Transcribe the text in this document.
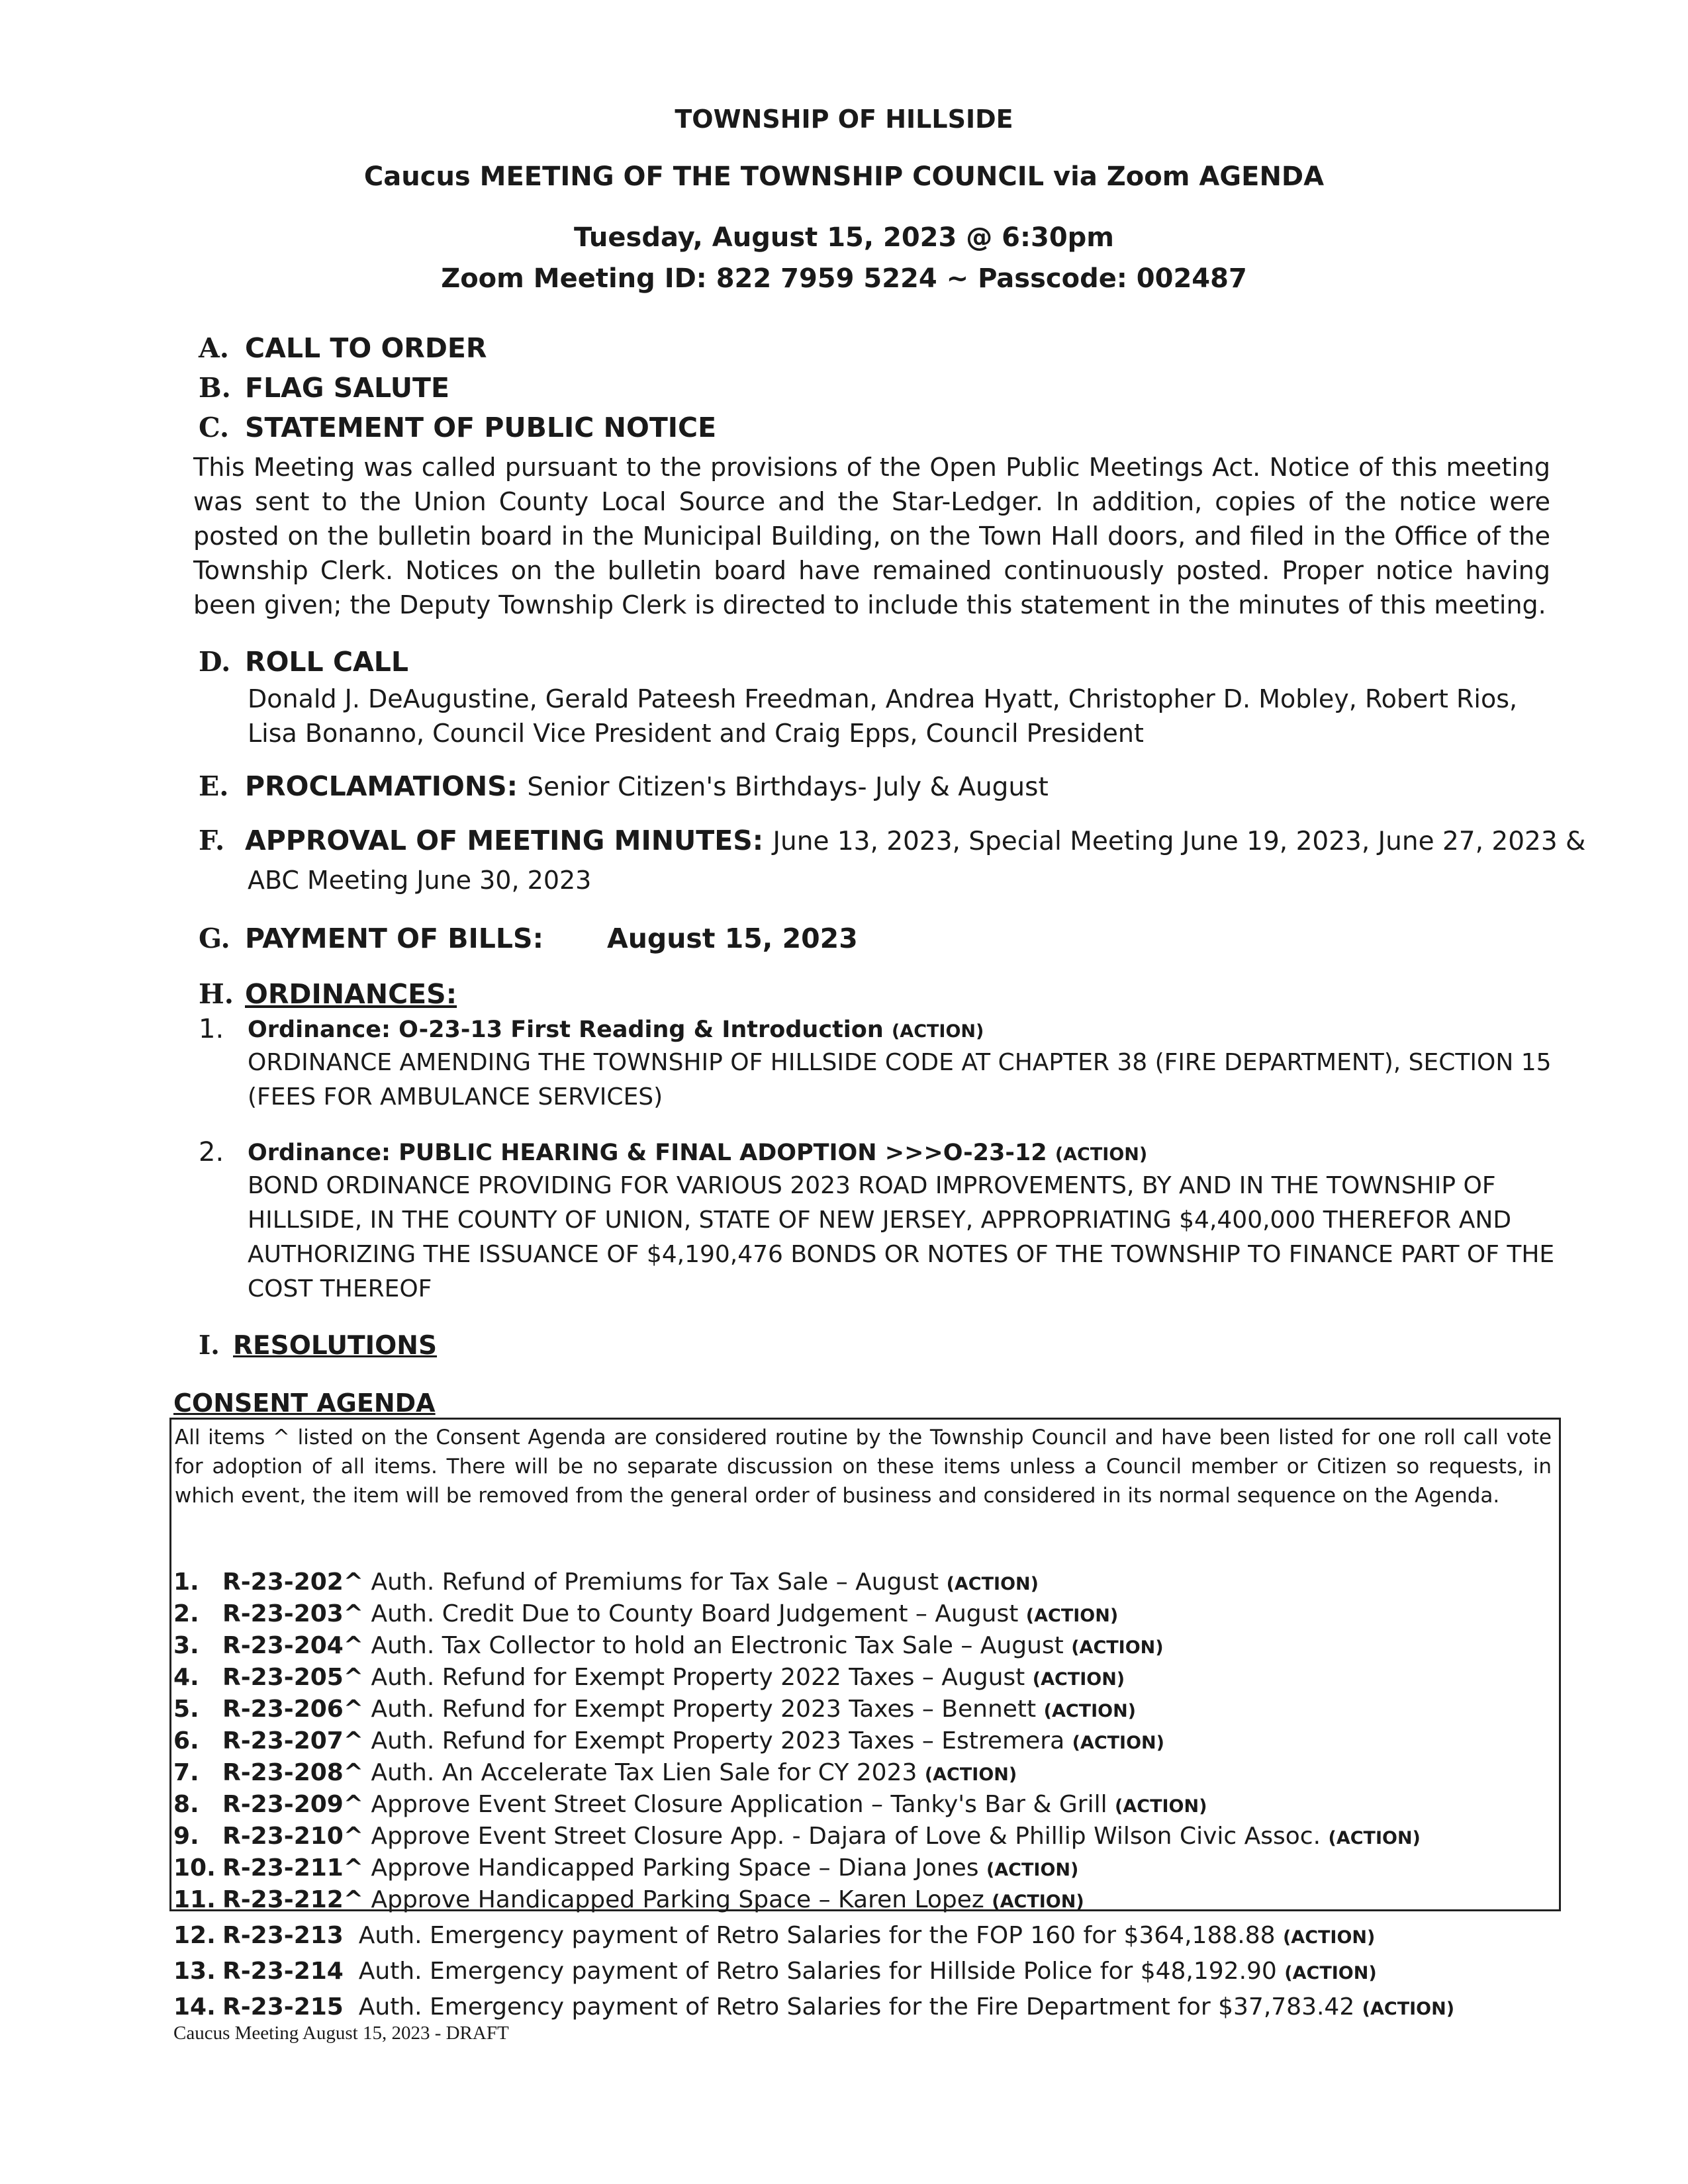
TOWNSHIP OF HILLSIDE
Caucus MEETING OF THE TOWNSHIP COUNCIL via Zoom AGENDA
Tuesday, August 15, 2023 @ 6:30pm
Zoom Meeting ID: 822 7959 5224 ~ Passcode: 002487
A. CALL TO ORDER
B. FLAG SALUTE
C. STATEMENT OF PUBLIC NOTICE
This Meeting was called pursuant to the provisions of the Open Public Meetings Act. Notice of this meeting was sent to the Union County Local Source and the Star-Ledger. In addition, copies of the notice were posted on the bulletin board in the Municipal Building, on the Town Hall doors, and filed in the Office of the Township Clerk. Notices on the bulletin board have remained continuously posted. Proper notice having been given; the Deputy Township Clerk is directed to include this statement in the minutes of this meeting.
D. ROLL CALL
Donald J. DeAugustine, Gerald Pateesh Freedman, Andrea Hyatt, Christopher D. Mobley, Robert Rios, Lisa Bonanno, Council Vice President and Craig Epps, Council President
E. PROCLAMATIONS: Senior Citizen's Birthdays- July & August
F. APPROVAL OF MEETING MINUTES: June 13, 2023, Special Meeting June 19, 2023, June 27, 2023 &
ABC Meeting June 30, 2023
G. PAYMENT OF BILLS: August 15, 2023
H. ORDINANCES:
1. Ordinance: O-23-13 First Reading & Introduction (ACTION)
ORDINANCE AMENDING THE TOWNSHIP OF HILLSIDE CODE AT CHAPTER 38 (FIRE DEPARTMENT), SECTION 15 (FEES FOR AMBULANCE SERVICES)
2. Ordinance: PUBLIC HEARING & FINAL ADOPTION >>>O-23-12 (ACTION)
BOND ORDINANCE PROVIDING FOR VARIOUS 2023 ROAD IMPROVEMENTS, BY AND IN THE TOWNSHIP OF HILLSIDE, IN THE COUNTY OF UNION, STATE OF NEW JERSEY, APPROPRIATING $4,400,000 THEREFOR AND AUTHORIZING THE ISSUANCE OF $4,190,476 BONDS OR NOTES OF THE TOWNSHIP TO FINANCE PART OF THE COST THEREOF
I. RESOLUTIONS
CONSENT AGENDA
All items ^ listed on the Consent Agenda are considered routine by the Township Council and have been listed for one roll call vote for adoption of all items. There will be no separate discussion on these items unless a Council member or Citizen so requests, in which event, the item will be removed from the general order of business and considered in its normal sequence on the Agenda.
1. R-23-202^ Auth. Refund of Premiums for Tax Sale – August (ACTION)
2. R-23-203^ Auth. Credit Due to County Board Judgement – August (ACTION)
3. R-23-204^ Auth. Tax Collector to hold an Electronic Tax Sale – August (ACTION)
4. R-23-205^ Auth. Refund for Exempt Property 2022 Taxes – August (ACTION)
5. R-23-206^ Auth. Refund for Exempt Property 2023 Taxes – Bennett (ACTION)
6. R-23-207^ Auth. Refund for Exempt Property 2023 Taxes – Estremera (ACTION)
7. R-23-208^ Auth. An Accelerate Tax Lien Sale for CY 2023 (ACTION)
8. R-23-209^ Approve Event Street Closure Application – Tanky's Bar & Grill (ACTION)
9. R-23-210^ Approve Event Street Closure App. - Dajara of Love & Phillip Wilson Civic Assoc. (ACTION)
10. R-23-211^ Approve Handicapped Parking Space – Diana Jones (ACTION)
11. R-23-212^ Approve Handicapped Parking Space – Karen Lopez (ACTION)
12. R-23-213  Auth. Emergency payment of Retro Salaries for the FOP 160 for $364,188.88 (ACTION)
13. R-23-214  Auth. Emergency payment of Retro Salaries for Hillside Police for $48,192.90 (ACTION)
14. R-23-215  Auth. Emergency payment of Retro Salaries for the Fire Department for $37,783.42 (ACTION)
Caucus Meeting August 15, 2023 - DRAFT
